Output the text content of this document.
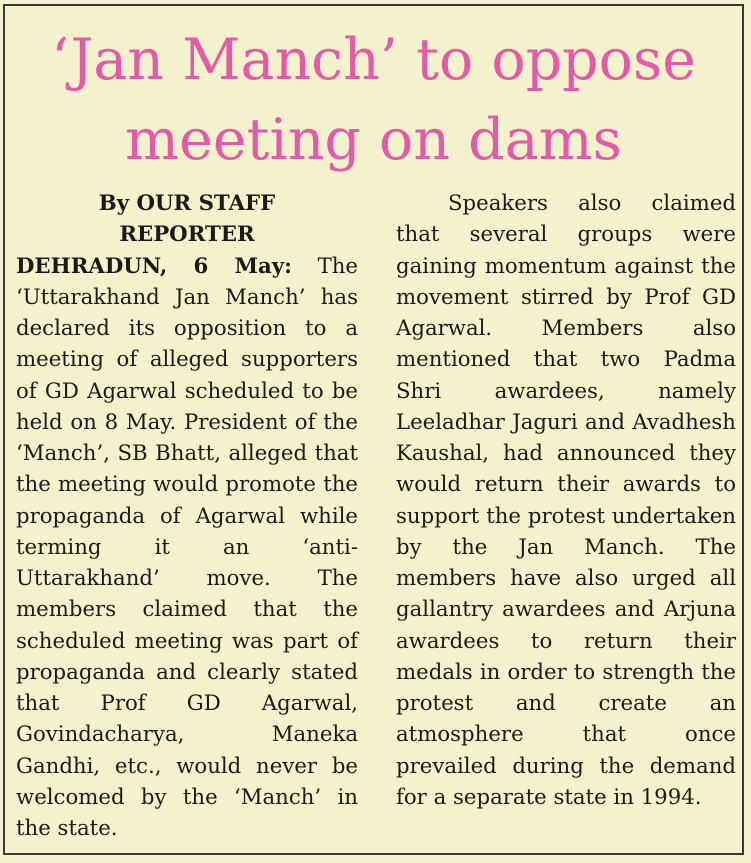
‘Jan Manch’ to oppose
meeting on dams
By OUR STAFF
REPORTER

DEHRADUN, 6 May: The ‘Uttarakhand Jan Manch’ has declared its opposition to a meeting of alleged supporters of GD Agarwal scheduled to be held on 8 May. President of the ‘Manch’, SB Bhatt, alleged that the meeting would promote the propaganda of Agarwal while terming it an ‘anti-Uttarakhand’ move. The members claimed that the scheduled meeting was part of propaganda and clearly stated that Prof GD Agarwal, Govindacharya, Maneka Gandhi, etc., would never be welcomed by the ‘Manch’ in the state.

Speakers also claimed that several groups were gaining momentum against the movement stirred by Prof GD Agarwal. Members also mentioned that two Padma Shri awardees, namely Leeladhar Jaguri and Avadhesh Kaushal, had announced they would return their awards to support the protest undertaken by the Jan Manch. The members have also urged all gallantry awardees and Arjuna awardees to return their medals in order to strength the protest and create an atmosphere that once prevailed during the demand for a separate state in 1994.
